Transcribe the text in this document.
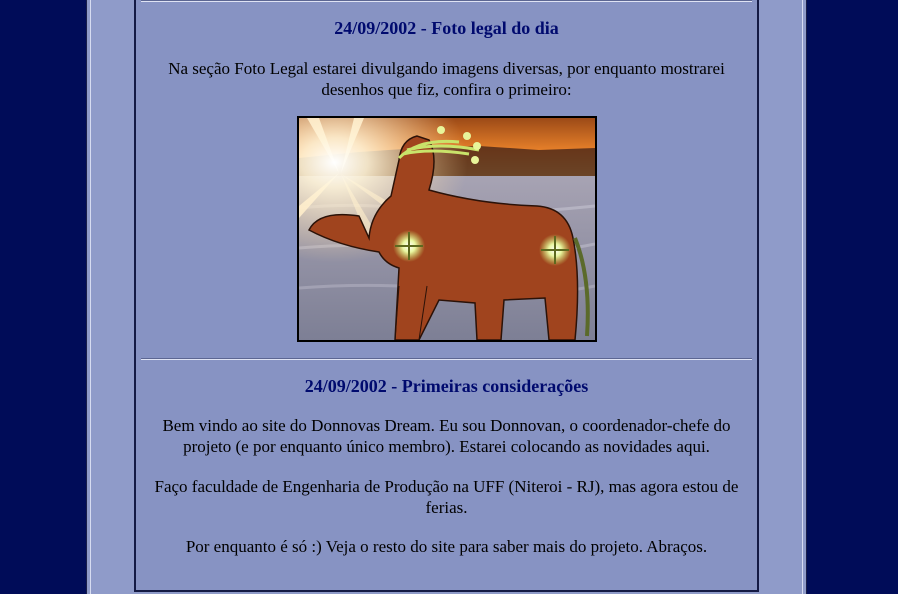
24/09/2002 - Foto legal do dia

Na seção Foto Legal estarei divulgando imagens diversas, por enquanto mostrarei desenhos que fiz, confira o primeiro:

24/09/2002 - Primeiras considerações

Bem vindo ao site do Donnovas Dream. Eu sou Donnovan, o coordenador-chefe do projeto (e por enquanto único membro). Estarei colocando as novidades aqui.

Faço faculdade de Engenharia de Produção na UFF (Niteroi - RJ), mas agora estou de ferias.

Por enquanto é só :) Veja o resto do site para saber mais do projeto. Abraços.
